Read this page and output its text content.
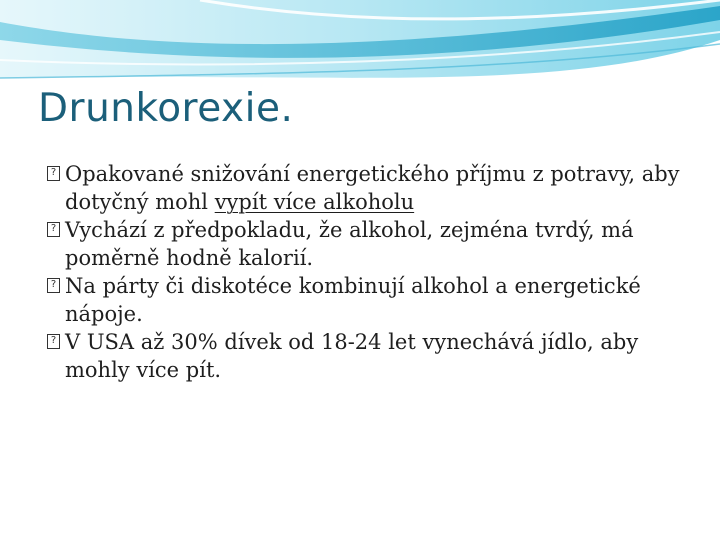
Drunkorexie.
? Opakované snižování energetického příjmu z potravy, aby dotyčný mohl vypít více alkoholu
? Vychází z předpokladu, že alkohol, zejména tvrdý, má poměrně hodně kalorií.
? Na párty či diskotéce kombinují alkohol a energetické nápoje.
? V USA až 30% dívek od 18-24 let vynechává jídlo, aby mohly více pít.
